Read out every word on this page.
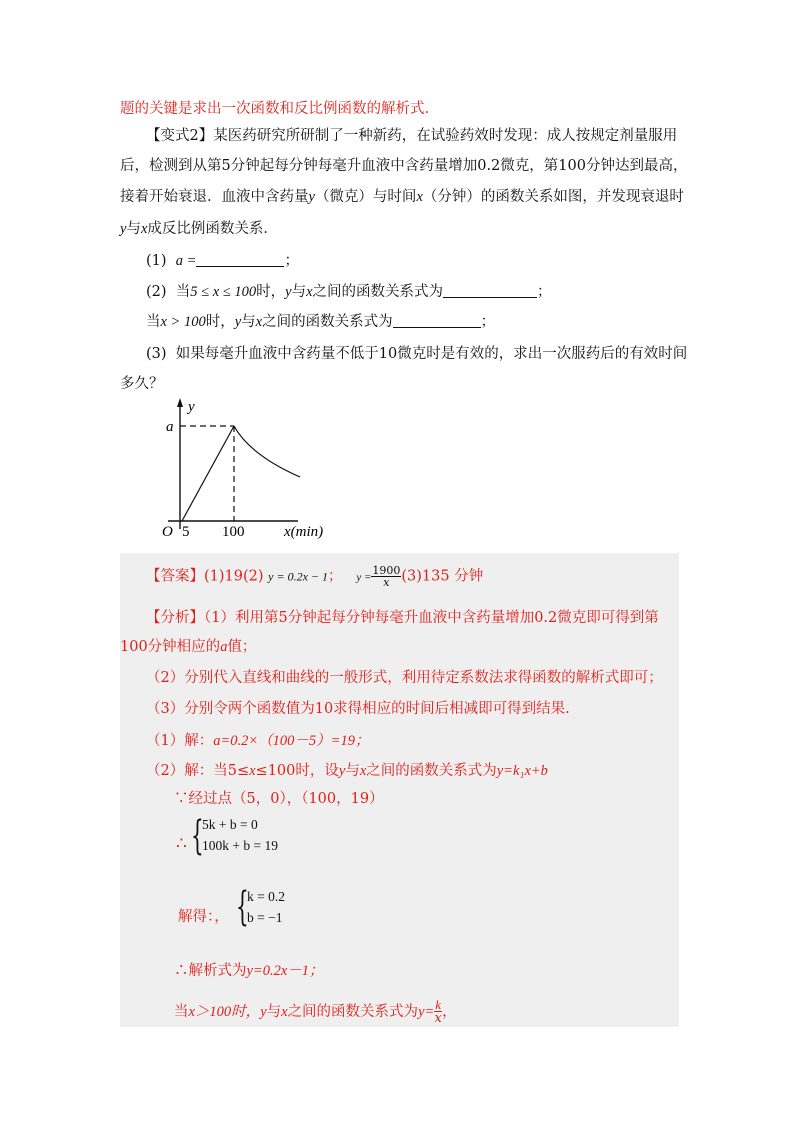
题的关键是求出一次函数和反比例函数的解析式.
【变式2】某医药研究所研制了一种新药，在试验药效时发现：成人按规定剂量服用
后，检测到从第5分钟起每分钟每毫升血液中含药量增加0.2微克，第100分钟达到最高，
接着开始衰退．血液中含药量y（微克）与时间x（分钟）的函数关系如图，并发现衰退时
y与x成反比例函数关系．
(1) a =	；
(2) 当5 ≤ x ≤ 100时，y与x之间的函数关系式为	；
当x > 100时，y与x之间的函数关系式为	；
(3) 如果每毫升血液中含药量不低于10微克时是有效的，求出一次服药后的有效时间
多久？
y
a
O 5 100	x(min)
【答案】(1)19(2) y = 0.2x − 1； $y = \frac{1900}{x} (3)135$ 分钟
【分析】（1）利用第5分钟起每分钟每毫升血液中含药量增加0.2微克即可得到第
100分钟相应的a值；
（2）分别代入直线和曲线的一般形式，利用待定系数法求得函数的解析式即可；
（3）分别令两个函数值为10求得相应的时间后相减即可得到结果.
（1）解：a=0.2×（100－5）=19；
（2）解：当5≤x≤100时，设y与x之间的函数关系式为y=k₁x+b
∵经过点（5，0），（100，19）
∴ {
5k + b = 0
100k + b = 19
解得：， {
k = 0.2
b = −1
∴解析式为y=0.2x－1；
当x＞100时，y与x之间的函数关系式为$y= \frac{k}{x}$ ，
